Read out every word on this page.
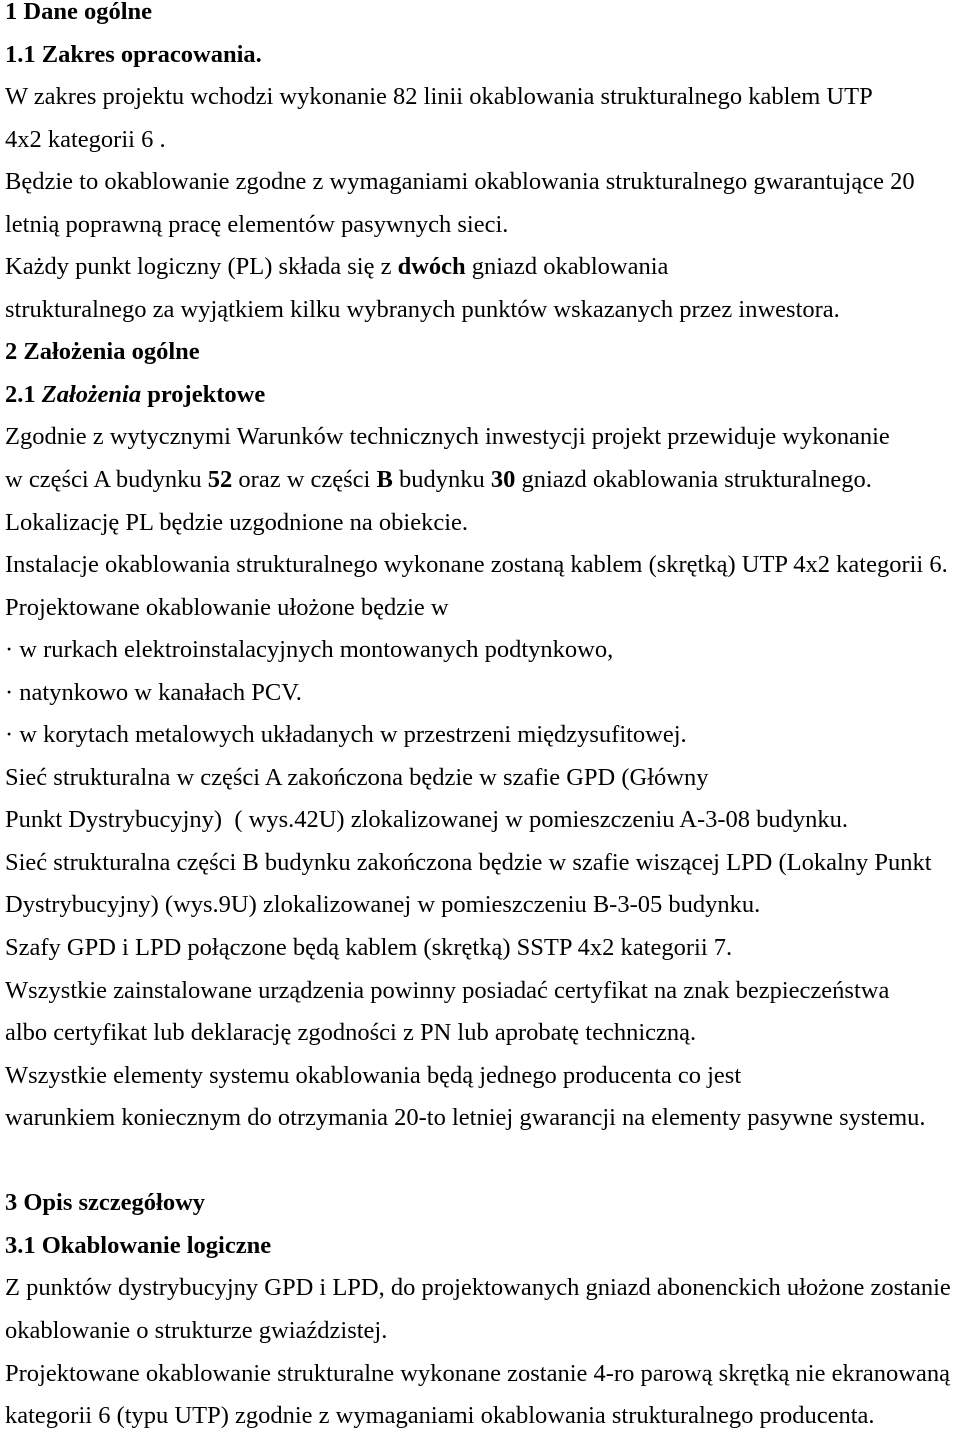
1 Dane ogólne
1.1 Zakres opracowania.
W zakres projektu wchodzi wykonanie 82 linii okablowania strukturalnego kablem UTP
4x2 kategorii 6 .
Będzie to okablowanie zgodne z wymaganiami okablowania strukturalnego gwarantujące 20
letnią poprawną pracę elementów pasywnych sieci.
Każdy punkt logiczny (PL) składa się z dwóch gniazd okablowania
strukturalnego za wyjątkiem kilku wybranych punktów wskazanych przez inwestora.
2 Założenia ogólne
2.1 Założenia projektowe
Zgodnie z wytycznymi Warunków technicznych inwestycji projekt przewiduje wykonanie
w części A budynku 52 oraz w części B budynku 30 gniazd okablowania strukturalnego.
Lokalizację PL będzie uzgodnione na obiekcie.
Instalacje okablowania strukturalnego wykonane zostaną kablem (skrętką) UTP 4x2 kategorii 6.
Projektowane okablowanie ułożone będzie w
· w rurkach elektroinstalacyjnych montowanych podtynkowo,
· natynkowo w kanałach PCV.
· w korytach metalowych układanych w przestrzeni międzysufitowej.
Sieć strukturalna w części A zakończona będzie w szafie GPD (Główny
Punkt Dystrybucyjny)  ( wys.42U) zlokalizowanej w pomieszczeniu A-3-08 budynku.
Sieć strukturalna części B budynku zakończona będzie w szafie wiszącej LPD (Lokalny Punkt
Dystrybucyjny) (wys.9U) zlokalizowanej w pomieszczeniu B-3-05 budynku.
Szafy GPD i LPD połączone będą kablem (skrętką) SSTP 4x2 kategorii 7.
Wszystkie zainstalowane urządzenia powinny posiadać certyfikat na znak bezpieczeństwa
albo certyfikat lub deklarację zgodności z PN lub aprobatę techniczną.
Wszystkie elementy systemu okablowania będą jednego producenta co jest
warunkiem koniecznym do otrzymania 20-to letniej gwarancji na elementy pasywne systemu.
3 Opis szczegółowy
3.1 Okablowanie logiczne
Z punktów dystrybucyjny GPD i LPD, do projektowanych gniazd abonenckich ułożone zostanie
okablowanie o strukturze gwiaździstej.
Projektowane okablowanie strukturalne wykonane zostanie 4-ro parową skrętką nie ekranowaną
kategorii 6 (typu UTP) zgodnie z wymaganiami okablowania strukturalnego producenta.
